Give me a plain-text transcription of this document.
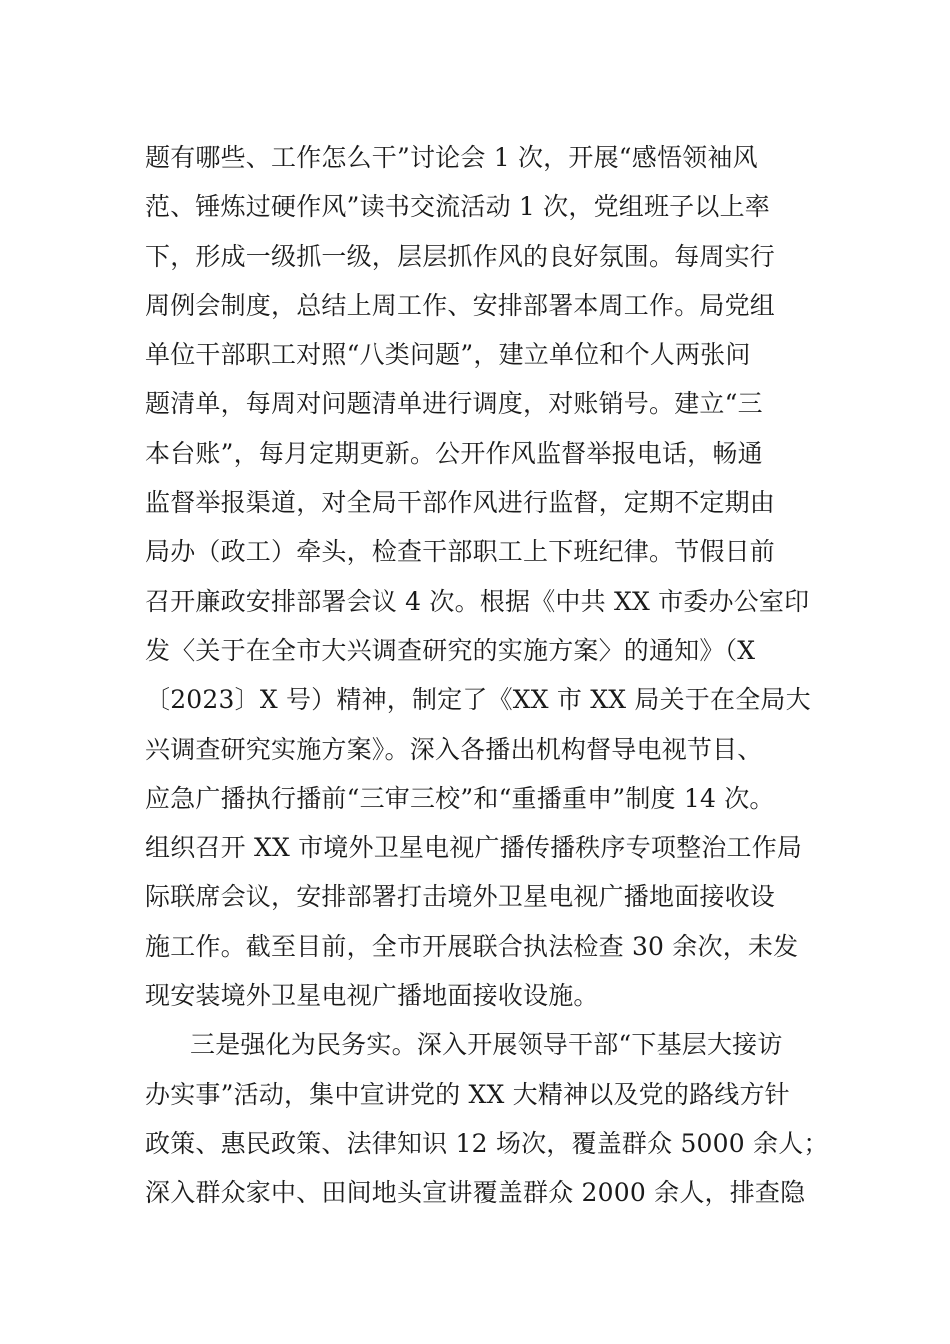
题有哪些、工作怎么干”讨论会 1 次，开展“感悟领袖风
范、锤炼过硬作风”读书交流活动 1 次，党组班子以上率
下，形成一级抓一级，层层抓作风的良好氛围。每周实行
周例会制度，总结上周工作、安排部署本周工作。局党组
单位干部职工对照“八类问题”，建立单位和个人两张问
题清单，每周对问题清单进行调度，对账销号。建立“三
本台账”，每月定期更新。公开作风监督举报电话，畅通
监督举报渠道，对全局干部作风进行监督，定期不定期由
局办（政工）牵头，检查干部职工上下班纪律。节假日前
召开廉政安排部署会议 4 次。根据《中共 XX 市委办公室印
发〈关于在全市大兴调查研究的实施方案〉的通知》（X
〔2023〕X 号）精神，制定了《XX 市 XX 局关于在全局大
兴调查研究实施方案》。深入各播出机构督导电视节目、
应急广播执行播前“三审三校”和“重播重申”制度 14 次。
组织召开 XX 市境外卫星电视广播传播秩序专项整治工作局
际联席会议，安排部署打击境外卫星电视广播地面接收设
施工作。截至目前，全市开展联合执法检查 30 余次，未发
现安装境外卫星电视广播地面接收设施。
三是强化为民务实。深入开展领导干部“下基层大接访
办实事”活动，集中宣讲党的 XX 大精神以及党的路线方针
政策、惠民政策、法律知识 12 场次，覆盖群众 5000 余人；
深入群众家中、田间地头宣讲覆盖群众 2000 余人，排查隐
